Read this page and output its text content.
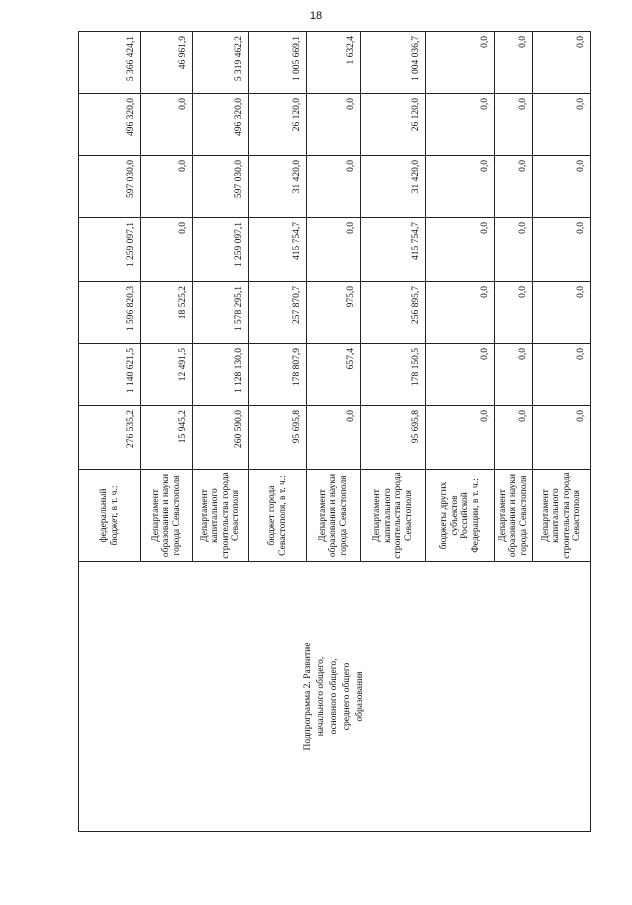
18
Подпрограмма 2. Развитие начального общего, основного общего, среднего общего образования	федеральный бюджет, в т. ч.:	276 535,2	1 140 621,5	1 596 820,3	1 259 097,1	597 030,0	496 320,0	5 366 424,1
	Департамент образования и науки города Севастополя	15 945,2	12 491,5	18 525,2	0,0	0,0	0,0	46 961,9
	Департамент капитального строительства города Севастополя	260 590,0	1 128 130,0	1 578 295,1	1 259 097,1	597 030,0	496 320,0	5 319 462,2
	бюджет города Севастополя, в т. ч.:	95 695,8	178 807,9	257 870,7	415 754,7	31 420,0	26 120,0	1 005 669,1
	Департамент образования и науки города Севастополя	0,0	657,4	975,0	0,0	0,0	0,0	1 632,4
	Департамент капитального строительства города Севастополя	95 695,8	178 150,5	256 895,7	415 754,7	31 420,0	26 120,0	1 004 036,7
	бюджеты других субъектов Российской Федерации, в т. ч.:	0,0	0,0	0,0	0,0	0,0	0,0	0,0
	Департамент образования и науки города Севастополя	0,0	0,0	0,0	0,0	0,0	0,0	0,0
	Департамент капитального строительства города Севастополя	0,0	0,0	0,0	0,0	0,0	0,0	0,0
